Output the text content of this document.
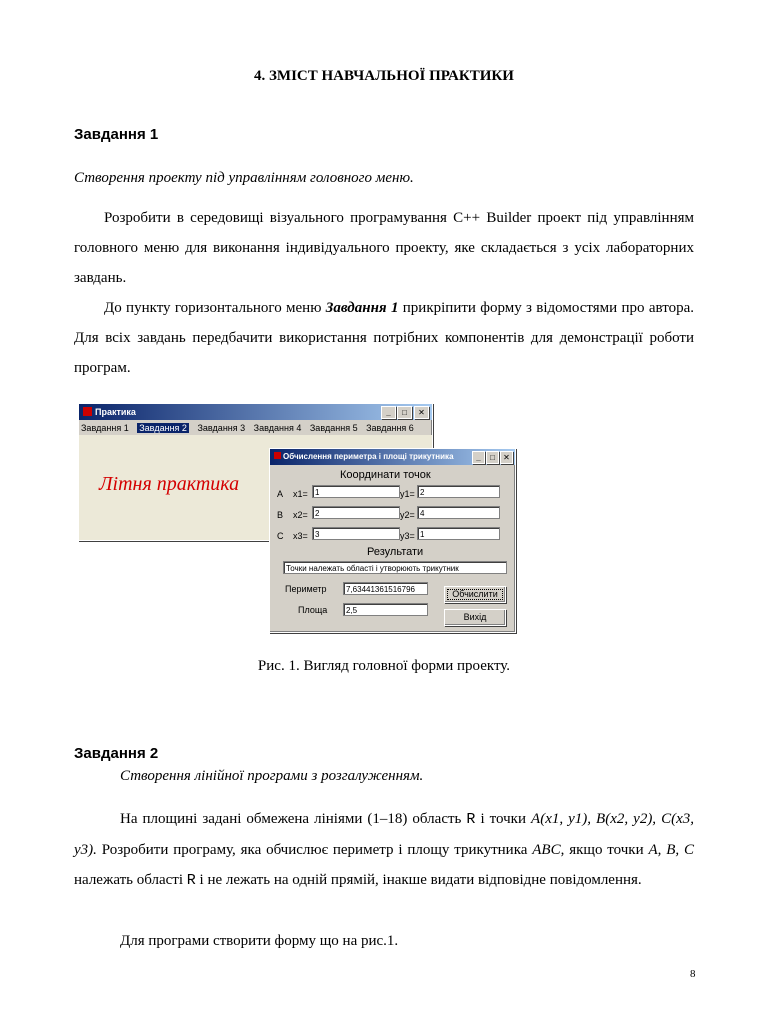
4. ЗМІСТ НАВЧАЛЬНОЇ ПРАКТИКИ
Завдання 1
Створення проекту під управлінням головного меню.
Розробити в середовищі візуального програмування С++ Builder проект під управлінням головного меню для виконання індивідуального проекту, яке складається з усіх лабораторних завдань.
До пункту горизонтального меню Завдання 1 прикріпити форму з відомостями про автора. Для всіх завдань передбачити використання потрібних компонентів для демонстрації роботи програм.
Практика	_	□	✕
Завдання 1 Завдання 2 Завдання 3 Завдання 4 Завдання 5 Завдання 6
Літня практика
Обчислення периметра і площі трикутника	_	□	✕
Координати точок
A x1= 1	y1= 2
B x2= 2	y2= 4
C x3= 3	y3= 1
Результати
Точки належать області і утворюють трикутник
Периметр	7,63441361516796	Обчислити
Площа	2,5
Вихід
Рис. 1. Вигляд головної форми проекту.
Завдання 2
Створення лінійної програми з розгалуженням.
На площині задані обмежена лініями (1–18) область R і точки A(x1, y1), B(x2, y2), C(x3, y3). Розробити програму, яка обчислює периметр і площу трикутника ABC, якщо точки A, B, C належать області R і не лежать на одній прямій, інакше видати відповідне повідомлення.
Для програми створити форму що на рис.1.
8
